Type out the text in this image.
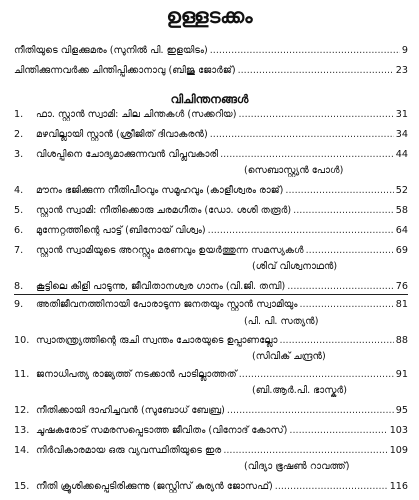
ഉള്ളടക്കം
നീതിയുടെ വിളക്കുമരം (സുനിൽ പി. ഇളയിടം) .....	9
ചിന്തിക്കുന്നവർക്ക ചിന്തിപ്പിക്കാനാവു (ബിജു ജോർജ്) .....	23
വിചിന്തനങ്ങൾ
1.	ഫാ. സ്റ്റാൻ സ്വാമി: ചില ചിന്തകൾ (സക്കറിയ) .....	31
2.	മഴവില്ലായി സ്റ്റാൻ (ശ്രീജിത് ദിവാകരൻ) .....	34
3.	വിശപ്പിനെ ചോദ്യമാക്കുന്നവൻ വിപ്ലവകാരി .....	44
(സെബാസ്റ്റ്യൻ പോൾ)
4.	മൗനം ഭജിക്കുന്ന നീതിപീഠവും സമൂഹവും (കാളീശ്വരം രാജ്) .....	52
5.	സ്റ്റാൻ സ്വാമി: നീതിക്കൊരു ചരമഗീതം (ഡോ. ശശി തരൂർ) .....	58
6.	മുന്നേറ്റത്തിന്റെ പാട്ട് (ബിനോയ് വിശ്വം) .....	64
7.	സ്റ്റാൻ സ്വാമിയുടെ അറസ്റ്റും മരണവും ഉയർത്തുന്ന സമസ്യകൾ .....	69
(ശിവ് വിശ്വനാഥൻ)
8.	കൂട്ടിലെ കിളി പാടുന്നു, ജീവിതാനശ്വര ഗാനം (വി.ജി. തമ്പി) .....	76
9.	അതിജീവനത്തിനായി പോരാടുന്ന ജനതയും സ്റ്റാൻ സ്വാമിയും .....	81
(പി. പി. സത്യൻ)
10. സ്വാതന്ത്ര്യത്തിന്റെ രുചി സ്വന്തം ചോരയുടെ ഉപ്പാണല്ലോ .....	88
(സിവിക് ചന്ദ്രൻ)
11. ജനാധിപത്യ രാജ്യത്ത് നടക്കാൻ പാടില്ലാത്തത് .....	91
(ബി.ആർ.പി. ഭാസ്കർ)
12. നീതിക്കായി ദാഹിച്ചവൻ (സുബോധ് ബേബ്ര) .....	95
13. ചൂഷകരോട് സമരസപ്പെടാത്ത ജീവിതം (വിനോദ് കോസ്) .....	103
14. നിർവികാരമായ ഒരു വ്യവസ്ഥിതിയുടെ ഇര .....	109
(വിദ്യാ ഭൂഷൺ റാവത്ത്)
15. നീതി ക്രൂശിക്കപ്പെടിരിക്കുന്നു (ജസ്റ്റിസ് കുര്യൻ ജോസഫ്) .....	116
